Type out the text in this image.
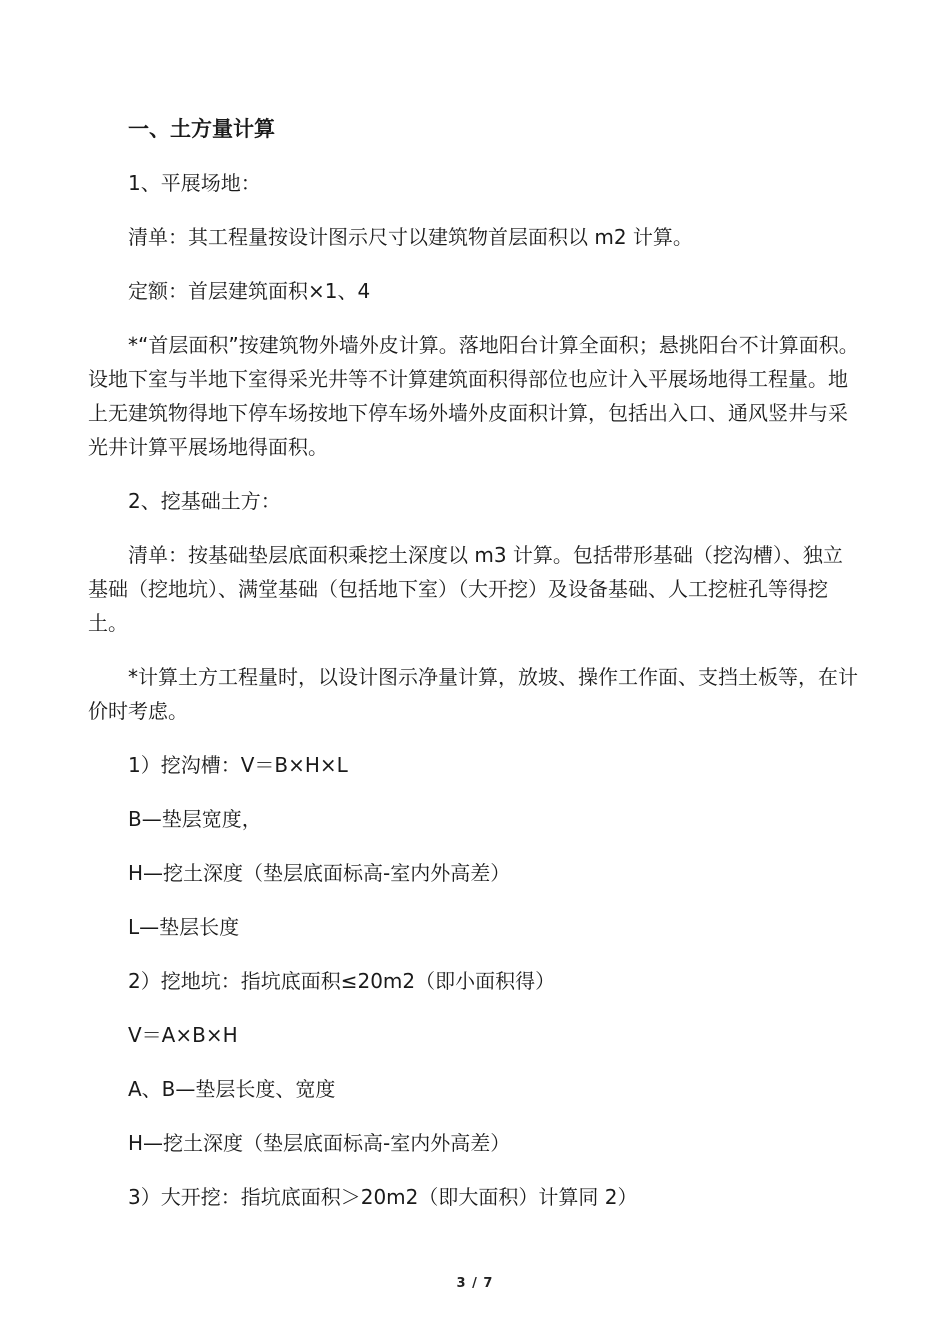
一、土方量计算

1、平展场地：

清单：其工程量按设计图示尺寸以建筑物首层面积以 m2 计算。

定额：首层建筑面积×1、4

*“首层面积”按建筑物外墙外皮计算。落地阳台计算全面积；悬挑阳台不计算面积。设地下室与半地下室得采光井等不计算建筑面积得部位也应计入平展场地得工程量。地上无建筑物得地下停车场按地下停车场外墙外皮面积计算，包括出入口、通风竖井与采光井计算平展场地得面积。

2、挖基础土方：

清单：按基础垫层底面积乘挖土深度以 m3 计算。包括带形基础（挖沟槽）、独立基础（挖地坑）、满堂基础（包括地下室）（大开挖）及设备基础、人工挖桩孔等得挖土。

*计算土方工程量时，以设计图示净量计算，放坡、操作工作面、支挡土板等，在计价时考虑。

1）挖沟槽：V＝B×H×L

B—垫层宽度，

H—挖土深度（垫层底面标高-室内外高差）

L—垫层长度

2）挖地坑：指坑底面积≤20m2（即小面积得）

V＝A×B×H

A、B—垫层长度、宽度

H—挖土深度（垫层底面标高-室内外高差）

3）大开挖：指坑底面积＞20m2（即大面积）计算同 2）

3 / 7
